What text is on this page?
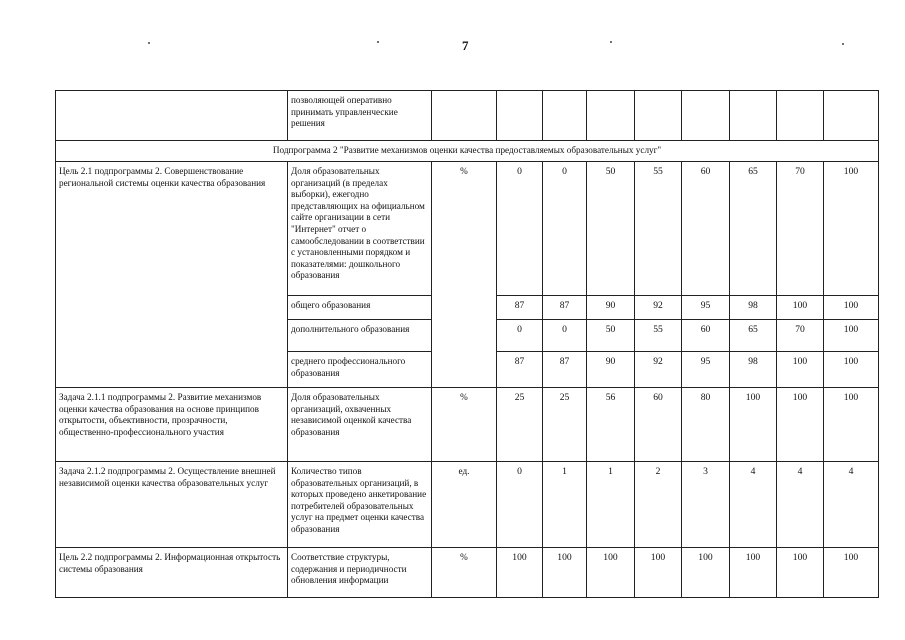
7
	позволяющей оперативно принимать управленческие решения									
Подпрограмма 2 "Развитие механизмов оценки качества предоставляемых образовательных услуг"										
Цель 2.1 подпрограммы 2. Совершенствование региональной системы оценки качества образования	Доля образовательных организаций (в пределах выборки), ежегодно представляющих на официальном сайте организации в сети "Интернет" отчет о самообследовании в соответствии с установленными порядком и показателями: дошкольного образования	%	0	0	50	55	60	65	70	100
	общего образования		87	87	90	92	95	98	100	100
	дополнительного образования		0	0	50	55	60	65	70	100
	среднего профессионального образования		87	87	90	92	95	98	100	100
Задача 2.1.1 подпрограммы 2. Развитие механизмов оценки качества образования на основе принципов открытости, объективности, прозрачности, общественно-профессионального участия	Доля образовательных организаций, охваченных независимой оценкой качества образования	%	25	25	56	60	80	100	100	100
Задача 2.1.2 подпрограммы 2. Осуществление внешней независимой оценки качества образовательных услуг	Количество типов образовательных организаций, в которых проведено анкетирование потребителей образовательных услуг на предмет оценки качества образования	ед.	0	1	1	2	3	4	4	4
Цель 2.2 подпрограммы 2. Информационная открытость системы образования	Соответствие структуры, содержания и периодичности обновления информации	%	100	100	100	100	100	100	100	100
